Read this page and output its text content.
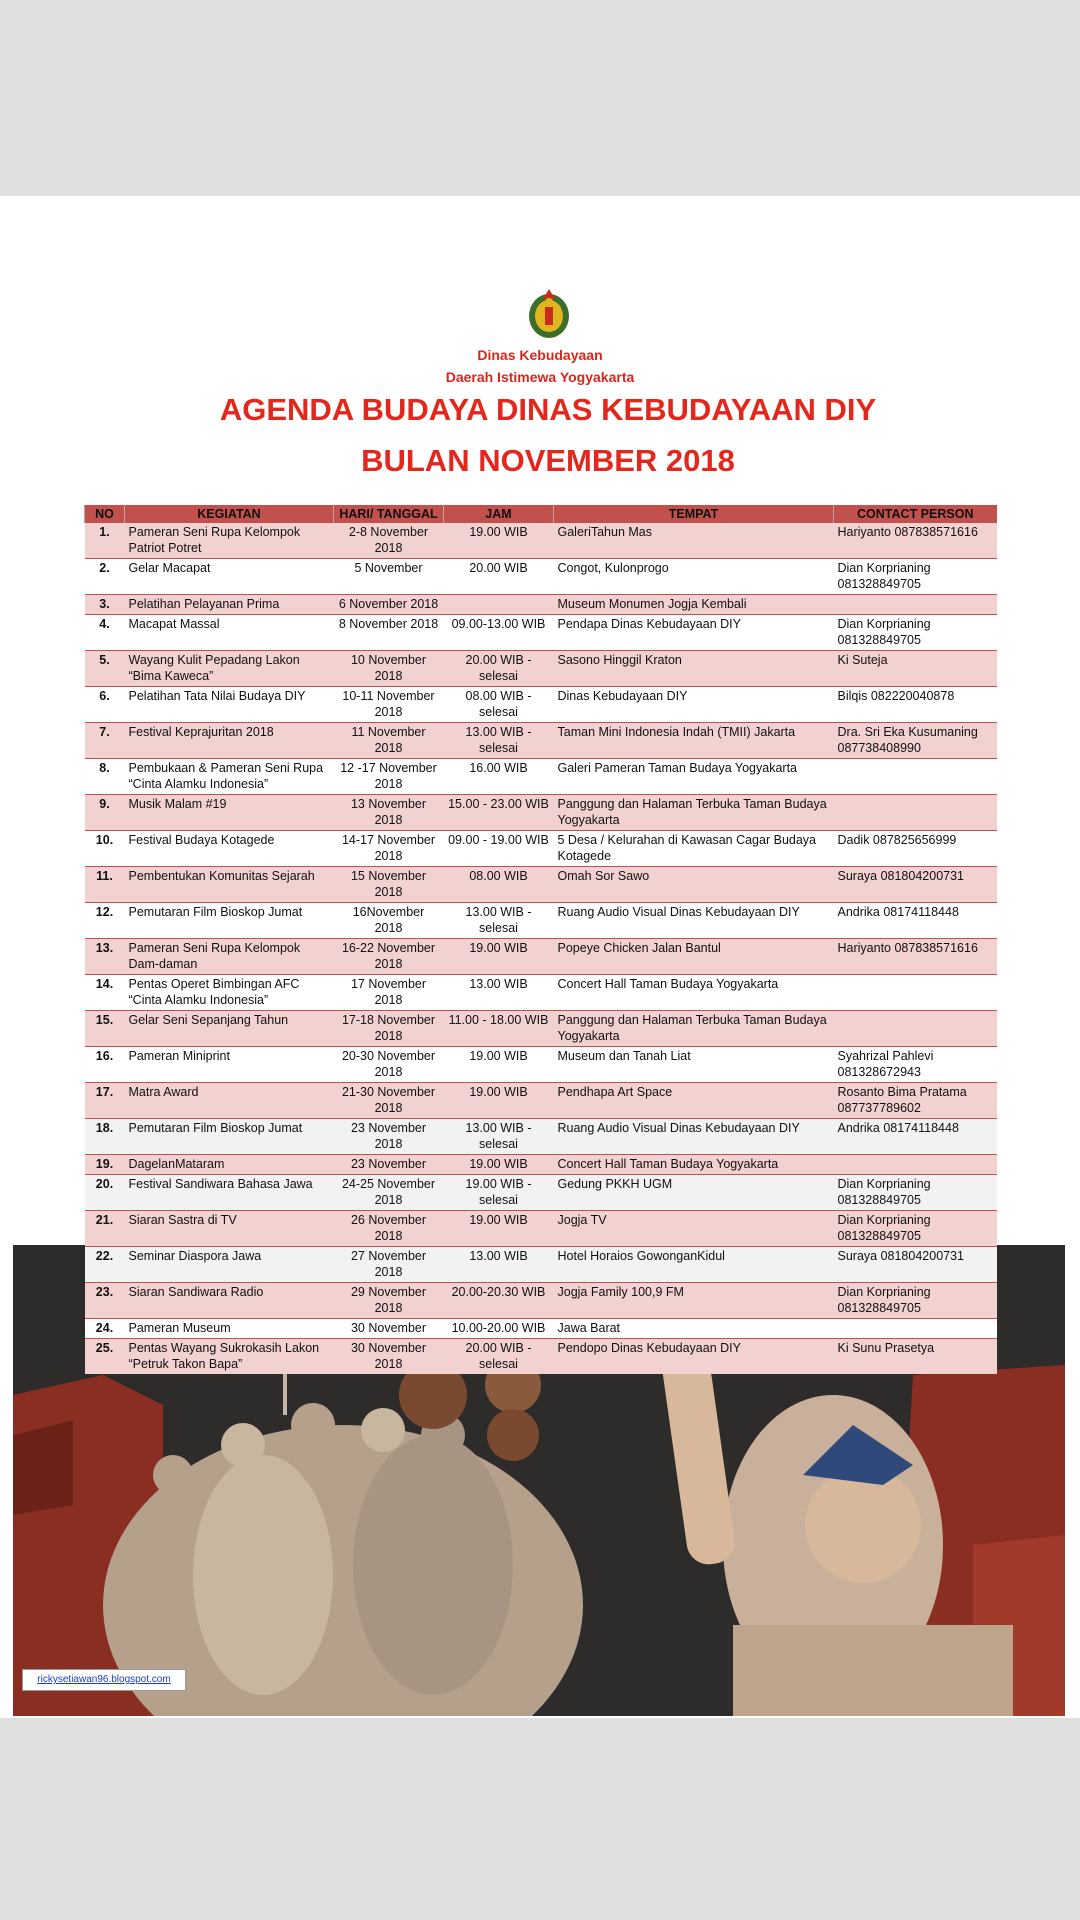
Dinas Kebudayaan
Daerah Istimewa Yogyakarta
AGENDA BUDAYA DINAS KEBUDAYAAN DIY
BULAN NOVEMBER 2018
NO	KEGIATAN	HARI/ TANGGAL	JAM	TEMPAT	CONTACT PERSON
1.	Pameran Seni Rupa Kelompok Patriot Potret	2-8 November 2018	19.00 WIB	GaleriTahun Mas	Hariyanto 087838571616
2.	Gelar Macapat	5 November	20.00 WIB	Congot, Kulonprogo	Dian Korprianing 081328849705
3.	Pelatihan Pelayanan Prima	6 November 2018		Museum Monumen Jogja Kembali	
4.	Macapat Massal	8 November 2018	09.00-13.00 WIB	Pendapa Dinas Kebudayaan DIY	Dian Korprianing 081328849705
5.	Wayang Kulit Pepadang Lakon “Bima Kaweca”	10 November 2018	20.00 WIB - selesai	Sasono Hinggil Kraton	Ki Suteja
6.	Pelatihan Tata Nilai Budaya DIY	10-11 November 2018	08.00 WIB - selesai	Dinas Kebudayaan DIY	Bilqis 082220040878
7.	Festival Keprajuritan 2018	11 November 2018	13.00 WIB - selesai	Taman Mini Indonesia Indah (TMII) Jakarta	Dra. Sri Eka Kusumaning 087738408990
8.	Pembukaan & Pameran Seni Rupa “Cinta Alamku Indonesia”	12 -17 November 2018	16.00 WIB	Galeri Pameran Taman Budaya Yogyakarta	
9.	Musik Malam #19	13 November 2018	15.00 - 23.00 WIB	Panggung dan Halaman Terbuka Taman Budaya Yogyakarta	
10.	Festival Budaya Kotagede	14-17 November 2018	09.00 - 19.00 WIB	5 Desa / Kelurahan di Kawasan Cagar Budaya Kotagede	Dadik 087825656999
11.	Pembentukan Komunitas Sejarah	15 November 2018	08.00 WIB	Omah Sor Sawo	Suraya 081804200731
12.	Pemutaran Film Bioskop Jumat	16November 2018	13.00 WIB - selesai	Ruang Audio Visual Dinas Kebudayaan DIY	Andrika 08174118448
13.	Pameran Seni Rupa Kelompok Dam-daman	16-22 November 2018	19.00 WIB	Popeye Chicken Jalan Bantul	Hariyanto 087838571616
14.	Pentas Operet Bimbingan AFC “Cinta Alamku Indonesia”	17 November 2018	13.00 WIB	Concert Hall Taman Budaya Yogyakarta	
15.	Gelar Seni Sepanjang Tahun	17-18 November 2018	11.00 - 18.00 WIB	Panggung dan Halaman Terbuka Taman Budaya Yogyakarta	
16.	Pameran Miniprint	20-30 November 2018	19.00 WIB	Museum dan Tanah Liat	Syahrizal Pahlevi 081328672943
17.	Matra Award	21-30 November 2018	19.00 WIB	Pendhapa Art Space	Rosanto Bima Pratama 087737789602
18.	Pemutaran Film Bioskop Jumat	23 November 2018	13.00 WIB - selesai	Ruang Audio Visual Dinas Kebudayaan DIY	Andrika 08174118448
19.	DagelanMataram	23 November	19.00 WIB	Concert Hall Taman Budaya Yogyakarta	
20.	Festival Sandiwara Bahasa Jawa	24-25 November 2018	19.00 WIB - selesai	Gedung PKKH UGM	Dian Korprianing 081328849705
21.	Siaran Sastra di TV	26 November 2018	19.00 WIB	Jogja TV	Dian Korprianing 081328849705
22.	Seminar Diaspora Jawa	27 November 2018	13.00 WIB	Hotel Horaios GowonganKidul	Suraya 081804200731
23.	Siaran Sandiwara Radio	29 November 2018	20.00-20.30 WIB	Jogja Family 100,9 FM	Dian Korprianing 081328849705
24.	Pameran Museum	30 November	10.00-20.00 WIB	Jawa Barat	
25.	Pentas Wayang Sukrokasih Lakon “Petruk Takon Bapa”	30 November 2018	20.00 WIB - selesai	Pendopo Dinas Kebudayaan DIY	Ki Sunu Prasetya
rickysetiawan96.blogspot.com
